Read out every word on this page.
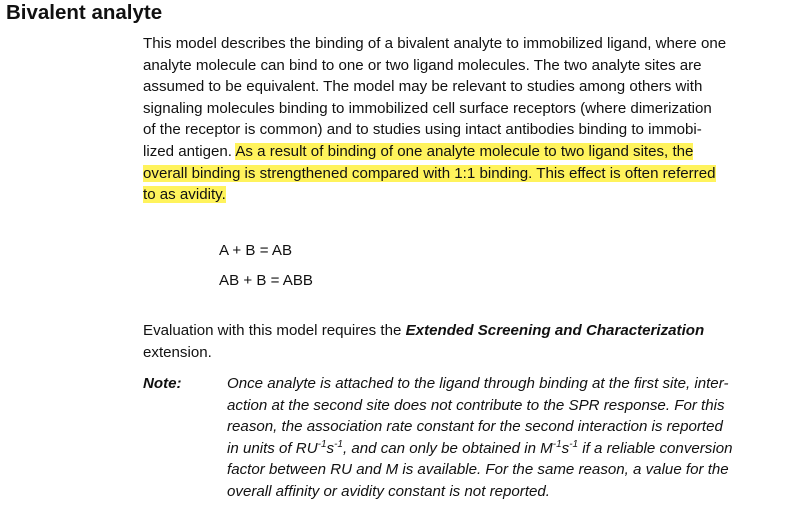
Bivalent analyte
This model describes the binding of a bivalent analyte to immobilized ligand, where one
analyte molecule can bind to one or two ligand molecules. The two analyte sites are
assumed to be equivalent. The model may be relevant to studies among others with
signaling molecules binding to immobilized cell surface receptors (where dimerization
of the receptor is common) and to studies using intact antibodies binding to immobi-
lized antigen. As a result of binding of one analyte molecule to two ligand sites, the
overall binding is strengthened compared with 1:1 binding. This effect is often referred
to as avidity.
A + B = AB
AB + B = ABB
Evaluation with this model requires the Extended Screening and Characterization
extension.
Note:	Once analyte is attached to the ligand through binding at the first site, inter-
action at the second site does not contribute to the SPR response. For this
reason, the association rate constant for the second interaction is reported
in units of $RU^{-1}s^{-1}$, and can only be obtained in $M^{-1}s^{-1}$ if a reliable conversion
factor between RU and M is available. For the same reason, a value for the
overall affinity or avidity constant is not reported.
